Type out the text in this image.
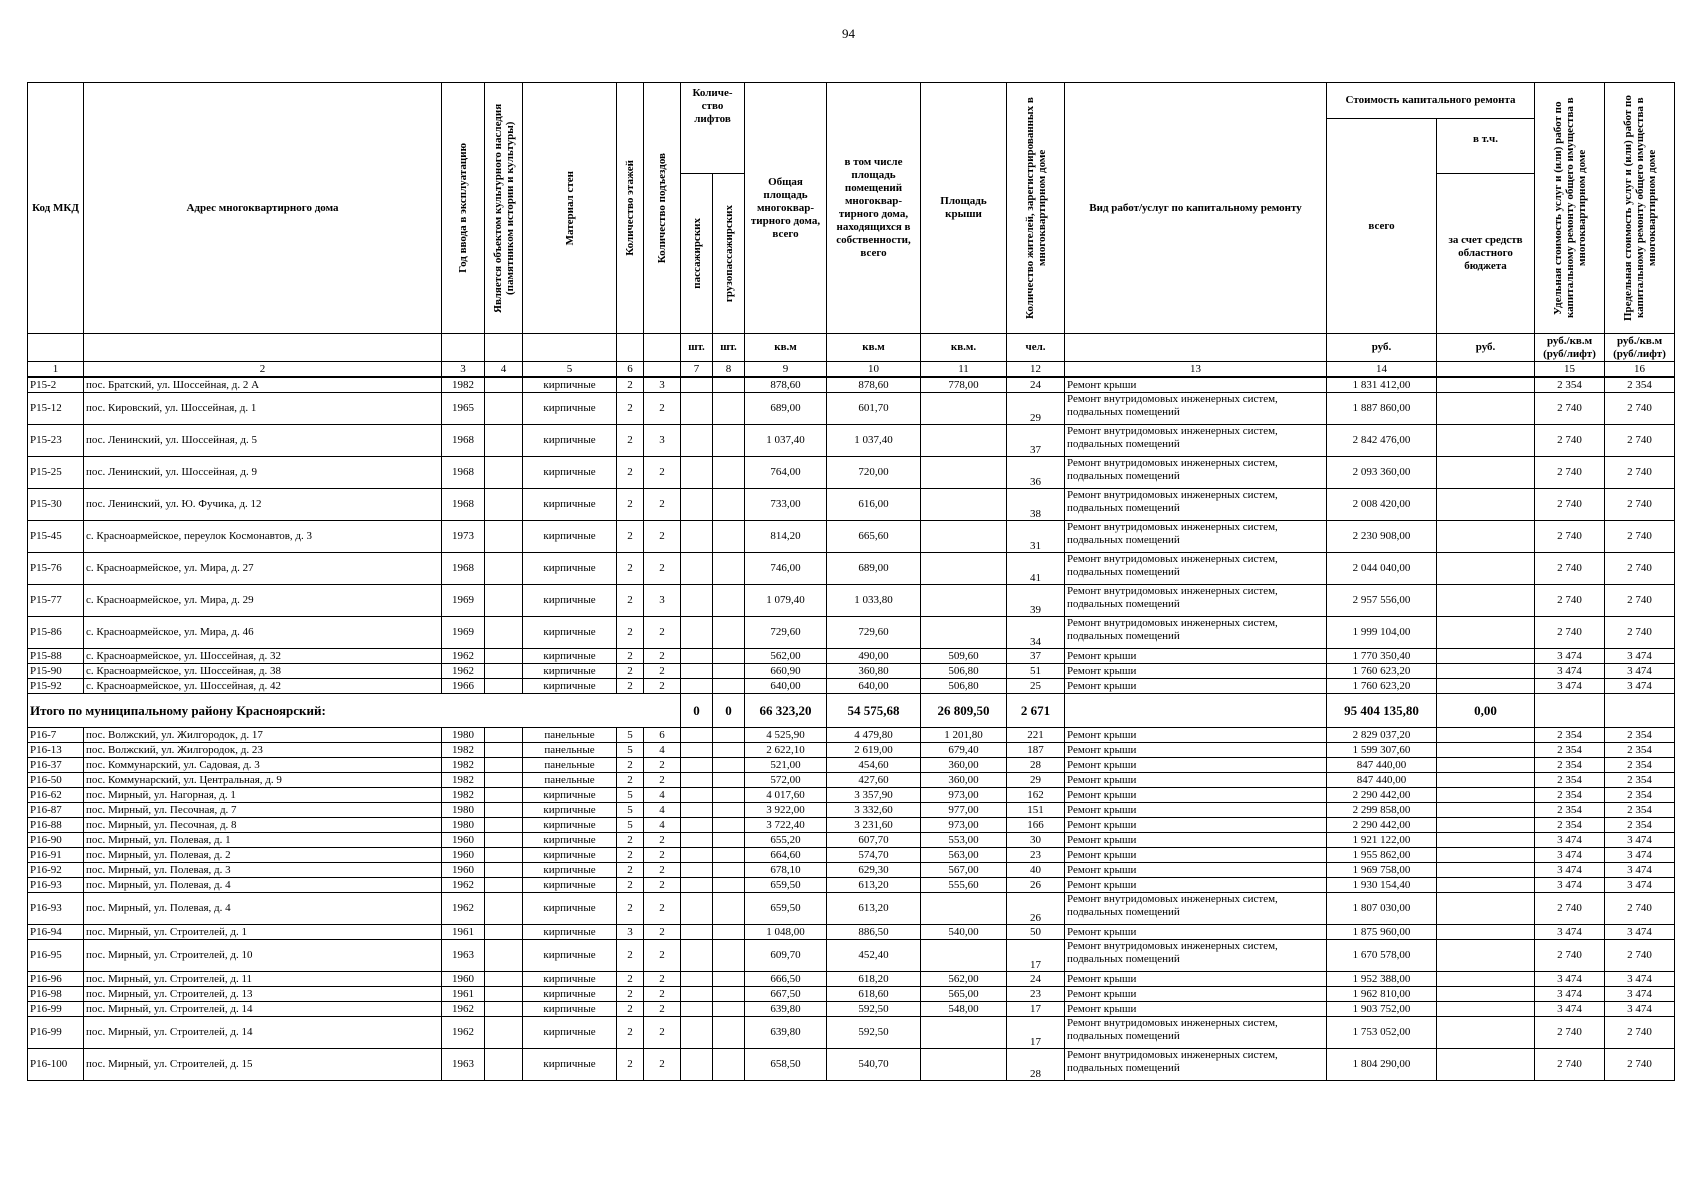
94
Код МКД	Адрес многоквартирного дома	Год ввода в эксплуатацию	Является объектом культурного наследия (памятником истории и культуры)	Материал стен	Количество этажей	Количество подъездов	Количе-ство лифтов		Общая площадь многоквар-тирного дома, всего	в том числе площадь помещений многоквар-тирного дома, находящихся в собственности, всего	Площадь крыши	Количество жителей, зарегистрированных в многоквартирном доме	Вид работ/услуг по капитальному ремонту	Стоимость капитального ремонта		Удельная стоимость услуг и (или) работ по капитальному ремонту общего имущества в многоквартирном доме	Предельная стоимость услуг и (или) работ по капитальному ремонту общего имущества в многоквартирном доме

														всего	в т.ч.		

							пассажирских	грузопассажирских							за счет средств областного бюджета		
							шт.	шт.	кв.м	кв.м	кв.м.	чел.		руб.	руб.	руб./кв.м (руб/лифт)	руб./кв.м (руб/лифт)
1	2	3	4	5	6		7	8	9	10	11	12	13	14		15	16
Р15-2	пос. Братский, ул. Шоссейная, д. 2 А	1982		кирпичные	2	3			878,60	878,60	778,00	24	Ремонт крыши	1 831 412,00		2 354	2 354
Р15-12	пос. Кировский, ул. Шоссейная, д. 1	1965		кирпичные	2	2			689,00	601,70		29	Ремонт внутридомовых инженерных систем, подвальных помещений	1 887 860,00		2 740	2 740
Р15-23	пос. Ленинский, ул. Шоссейная, д. 5	1968		кирпичные	2	3			1 037,40	1 037,40		37	Ремонт внутридомовых инженерных систем, подвальных помещений	2 842 476,00		2 740	2 740
Р15-25	пос. Ленинский, ул. Шоссейная, д. 9	1968		кирпичные	2	2			764,00	720,00		36	Ремонт внутридомовых инженерных систем, подвальных помещений	2 093 360,00		2 740	2 740
Р15-30	пос. Ленинский, ул. Ю. Фучика, д. 12	1968		кирпичные	2	2			733,00	616,00		38	Ремонт внутридомовых инженерных систем, подвальных помещений	2 008 420,00		2 740	2 740
Р15-45	с. Красноармейское, переулок Космонавтов, д. 3	1973		кирпичные	2	2			814,20	665,60		31	Ремонт внутридомовых инженерных систем, подвальных помещений	2 230 908,00		2 740	2 740
Р15-76	с. Красноармейское, ул. Мира, д. 27	1968		кирпичные	2	2			746,00	689,00		41	Ремонт внутридомовых инженерных систем, подвальных помещений	2 044 040,00		2 740	2 740
Р15-77	с. Красноармейское, ул. Мира, д. 29	1969		кирпичные	2	3			1 079,40	1 033,80		39	Ремонт внутридомовых инженерных систем, подвальных помещений	2 957 556,00		2 740	2 740
Р15-86	с. Красноармейское, ул. Мира, д. 46	1969		кирпичные	2	2			729,60	729,60		34	Ремонт внутридомовых инженерных систем, подвальных помещений	1 999 104,00		2 740	2 740
Р15-88	с. Красноармейское, ул. Шоссейная, д. 32	1962		кирпичные	2	2			562,00	490,00	509,60	37	Ремонт крыши	1 770 350,40		3 474	3 474
Р15-90	с. Красноармейское, ул. Шоссейная, д. 38	1962		кирпичные	2	2			660,90	360,80	506,80	51	Ремонт крыши	1 760 623,20		3 474	3 474
Р15-92	с. Красноармейское, ул. Шоссейная, д. 42	1966		кирпичные	2	2			640,00	640,00	506,80	25	Ремонт крыши	1 760 623,20		3 474	3 474
Итого по муниципальному району Красноярский:							0	0	66 323,20	54 575,68	26 809,50	2 671		95 404 135,80	0,00		
Р16-7	пос. Волжский, ул. Жилгородок, д. 17	1980		панельные	5	6			4 525,90	4 479,80	1 201,80	221	Ремонт крыши	2 829 037,20		2 354	2 354
Р16-13	пос. Волжский, ул. Жилгородок, д. 23	1982		панельные	5	4			2 622,10	2 619,00	679,40	187	Ремонт крыши	1 599 307,60		2 354	2 354
Р16-37	пос. Коммунарский, ул. Садовая, д. 3	1982		панельные	2	2			521,00	454,60	360,00	28	Ремонт крыши	847 440,00		2 354	2 354
Р16-50	пос. Коммунарский, ул. Центральная, д. 9	1982		панельные	2	2			572,00	427,60	360,00	29	Ремонт крыши	847 440,00		2 354	2 354
Р16-62	пос. Мирный, ул. Нагорная, д. 1	1982		кирпичные	5	4			4 017,60	3 357,90	973,00	162	Ремонт крыши	2 290 442,00		2 354	2 354
Р16-87	пос. Мирный, ул. Песочная, д. 7	1980		кирпичные	5	4			3 922,00	3 332,60	977,00	151	Ремонт крыши	2 299 858,00		2 354	2 354
Р16-88	пос. Мирный, ул. Песочная, д. 8	1980		кирпичные	5	4			3 722,40	3 231,60	973,00	166	Ремонт крыши	2 290 442,00		2 354	2 354
Р16-90	пос. Мирный, ул. Полевая, д. 1	1960		кирпичные	2	2			655,20	607,70	553,00	30	Ремонт крыши	1 921 122,00		3 474	3 474
Р16-91	пос. Мирный, ул. Полевая, д. 2	1960		кирпичные	2	2			664,60	574,70	563,00	23	Ремонт крыши	1 955 862,00		3 474	3 474
Р16-92	пос. Мирный, ул. Полевая, д. 3	1960		кирпичные	2	2			678,10	629,30	567,00	40	Ремонт крыши	1 969 758,00		3 474	3 474
Р16-93	пос. Мирный, ул. Полевая, д. 4	1962		кирпичные	2	2			659,50	613,20	555,60	26	Ремонт крыши	1 930 154,40		3 474	3 474
Р16-93	пос. Мирный, ул. Полевая, д. 4	1962		кирпичные	2	2			659,50	613,20		26	Ремонт внутридомовых инженерных систем, подвальных помещений	1 807 030,00		2 740	2 740
Р16-94	пос. Мирный, ул. Строителей, д. 1	1961		кирпичные	3	2			1 048,00	886,50	540,00	50	Ремонт крыши	1 875 960,00		3 474	3 474
Р16-95	пос. Мирный, ул. Строителей, д. 10	1963		кирпичные	2	2			609,70	452,40		17	Ремонт внутридомовых инженерных систем, подвальных помещений	1 670 578,00		2 740	2 740
Р16-96	пос. Мирный, ул. Строителей, д. 11	1960		кирпичные	2	2			666,50	618,20	562,00	24	Ремонт крыши	1 952 388,00		3 474	3 474
Р16-98	пос. Мирный, ул. Строителей, д. 13	1961		кирпичные	2	2			667,50	618,60	565,00	23	Ремонт крыши	1 962 810,00		3 474	3 474
Р16-99	пос. Мирный, ул. Строителей, д. 14	1962		кирпичные	2	2			639,80	592,50	548,00	17	Ремонт крыши	1 903 752,00		3 474	3 474
Р16-99	пос. Мирный, ул. Строителей, д. 14	1962		кирпичные	2	2			639,80	592,50		17	Ремонт внутридомовых инженерных систем, подвальных помещений	1 753 052,00		2 740	2 740
Р16-100	пос. Мирный, ул. Строителей, д. 15	1963		кирпичные	2	2			658,50	540,70		28	Ремонт внутридомовых инженерных систем, подвальных помещений	1 804 290,00		2 740	2 740
